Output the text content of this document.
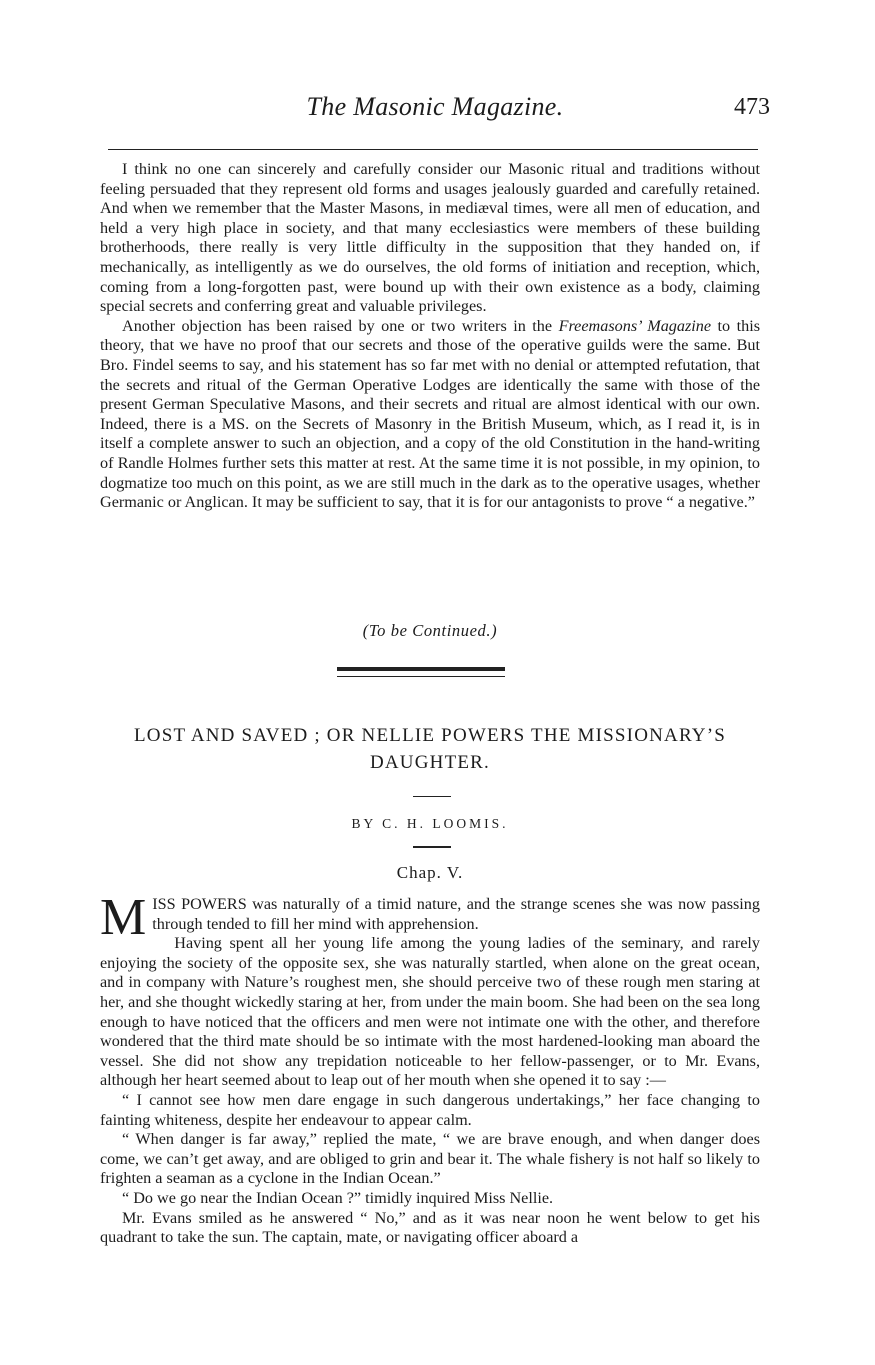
The Masonic Magazine.	473

I think no one can sincerely and carefully consider our Masonic ritual and traditions without feeling persuaded that they represent old forms and usages jealously guarded and carefully retained. And when we remember that the Master Masons, in mediæval times, were all men of education, and held a very high place in society, and that many ecclesiastics were members of these building brotherhoods, there really is very little difficulty in the supposition that they handed on, if mechanically, as intelligently as we do ourselves, the old forms of initiation and reception, which, coming from a long-forgotten past, were bound up with their own existence as a body, claiming special secrets and conferring great and valuable privileges.

Another objection has been raised by one or two writers in the Freemasons’ Magazine to this theory, that we have no proof that our secrets and those of the operative guilds were the same. But Bro. Findel seems to say, and his statement has so far met with no denial or attempted refutation, that the secrets and ritual of the German Operative Lodges are identically the same with those of the present German Speculative Masons, and their secrets and ritual are almost identical with our own. Indeed, there is a MS. on the Secrets of Masonry in the British Museum, which, as I read it, is in itself a complete answer to such an objection, and a copy of the old Constitution in the hand-writing of Randle Holmes further sets this matter at rest. At the same time it is not possible, in my opinion, to dogmatize too much on this point, as we are still much in the dark as to the operative usages, whether Germanic or Anglican. It may be sufficient to say, that it is for our antagonists to prove “ a negative.”

(To be Continued.)
LOST AND SAVED ; OR NELLIE POWERS THE MISSIONARY’S
DAUGHTER.
BY C. H. LOOMIS.
Chap. V.

MISS POWERS was naturally of a timid nature, and the strange scenes she was now passing through tended to fill her mind with apprehension.

Having spent all her young life among the young ladies of the seminary, and rarely enjoying the society of the opposite sex, she was naturally startled, when alone on the great ocean, and in company with Nature’s roughest men, she should perceive two of these rough men staring at her, and she thought wickedly staring at her, from under the main boom. She had been on the sea long enough to have noticed that the officers and men were not intimate one with the other, and therefore wondered that the third mate should be so intimate with the most hardened-looking man aboard the vessel. She did not show any trepidation noticeable to her fellow-passenger, or to Mr. Evans, although her heart seemed about to leap out of her mouth when she opened it to say :—

“ I cannot see how men dare engage in such dangerous undertakings,” her face changing to fainting whiteness, despite her endeavour to appear calm.

“ When danger is far away,” replied the mate, “ we are brave enough, and when danger does come, we can’t get away, and are obliged to grin and bear it. The whale fishery is not half so likely to frighten a seaman as a cyclone in the Indian Ocean.”

“ Do we go near the Indian Ocean ?” timidly inquired Miss Nellie.

Mr. Evans smiled as he answered “ No,” and as it was near noon he went below to get his quadrant to take the sun. The captain, mate, or navigating officer aboard a
